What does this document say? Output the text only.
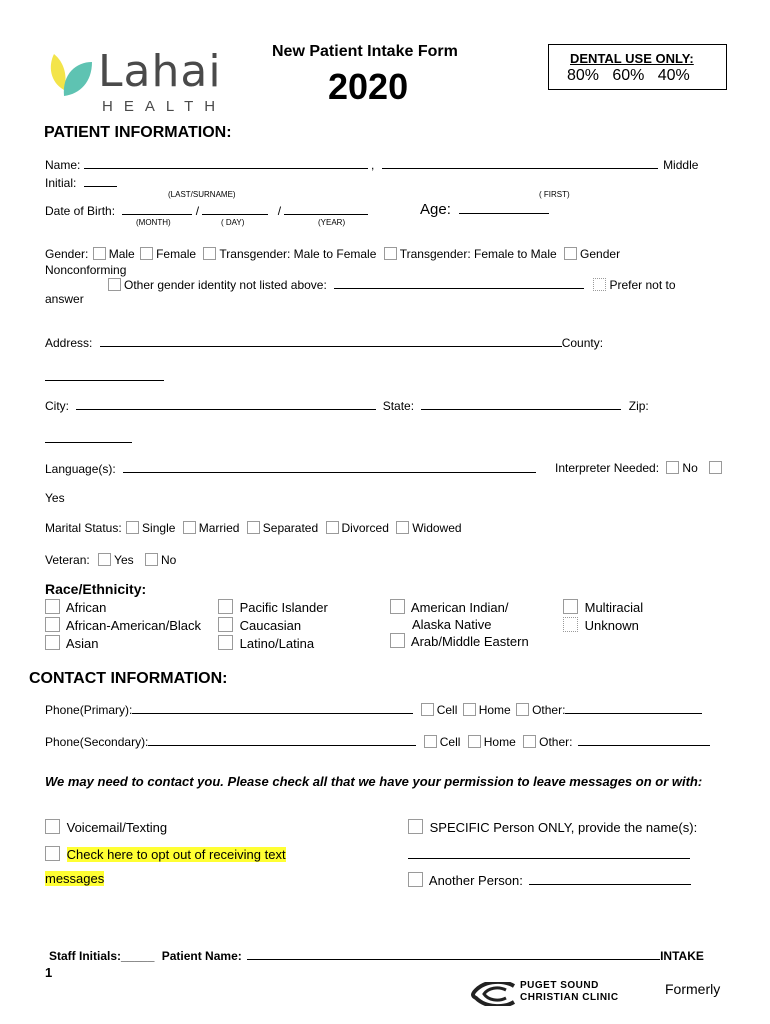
Lahai
HEALTH
New Patient Intake Form
2020
DENTAL USE ONLY:
80%   60%   40%
PATIENT INFORMATION:
Name:	,	Middle
Initial:
(LAST/SURNAME)	( FIRST)
Date of Birth:	/	/
(MONTH)	( DAY)	(YEAR)
Age:
Gender: Male Female Transgender: Male to Female Transgender: Female to Male Gender
Nonconforming
Other gender identity not listed above:	Prefer not to
answer
Address:	County:
City:	State:	Zip:
Language(s):	Interpreter Needed: No
Yes
Marital Status: Single Married Separated Divorced Widowed
Veteran: Yes No
Race/Ethnicity:
African
African-American/Black
Asian
Pacific Islander
Caucasian
Latino/Latina
American Indian/
Alaska Native
Arab/Middle Eastern
Multiracial
Unknown
CONTACT INFORMATION:
Phone(Primary):	Cell Home Other:
Phone(Secondary):	Cell Home Other:
We may need to contact you. Please check all that we have your permission to leave messages on or with:
Voicemail/Texting
Check here to opt out of receiving text
messages
SPECIFIC Person ONLY, provide the name(s):
Another Person:
Staff Initials:_____ Patient Name:	INTAKE
1
PUGET SOUND
CHRISTIAN CLINIC
Formerly
